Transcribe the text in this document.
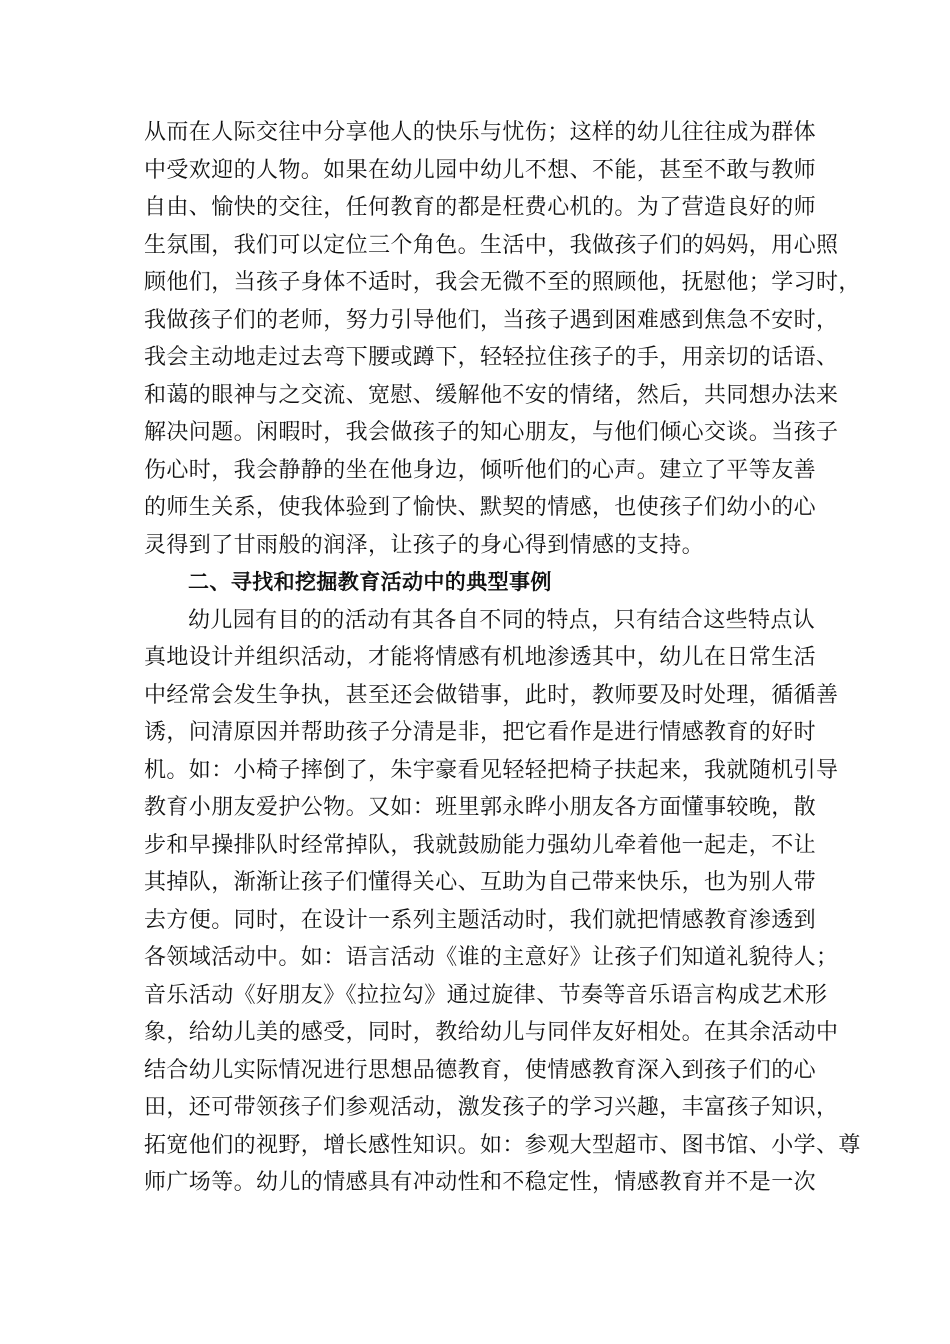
从而在人际交往中分享他人的快乐与忧伤；这样的幼儿往往成为群体
中受欢迎的人物。如果在幼儿园中幼儿不想、不能，甚至不敢与教师
自由、愉快的交往，任何教育的都是枉费心机的。为了营造良好的师
生氛围，我们可以定位三个角色。生活中，我做孩子们的妈妈，用心照
顾他们，当孩子身体不适时，我会无微不至的照顾他，抚慰他；学习时，
我做孩子们的老师，努力引导他们，当孩子遇到困难感到焦急不安时，
我会主动地走过去弯下腰或蹲下，轻轻拉住孩子的手，用亲切的话语、
和蔼的眼神与之交流、宽慰、缓解他不安的情绪，然后，共同想办法来
解决问题。闲暇时，我会做孩子的知心朋友，与他们倾心交谈。当孩子
伤心时，我会静静的坐在他身边，倾听他们的心声。建立了平等友善
的师生关系，使我体验到了愉快、默契的情感，也使孩子们幼小的心
灵得到了甘雨般的润泽，让孩子的身心得到情感的支持。
二、寻找和挖掘教育活动中的典型事例
幼儿园有目的的活动有其各自不同的特点，只有结合这些特点认
真地设计并组织活动，才能将情感有机地渗透其中，幼儿在日常生活
中经常会发生争执，甚至还会做错事，此时，教师要及时处理，循循善
诱，问清原因并帮助孩子分清是非，把它看作是进行情感教育的好时
机。如：小椅子摔倒了，朱宇豪看见轻轻把椅子扶起来，我就随机引导
教育小朋友爱护公物。又如：班里郭永晔小朋友各方面懂事较晚，散
步和早操排队时经常掉队，我就鼓励能力强幼儿牵着他一起走，不让
其掉队，渐渐让孩子们懂得关心、互助为自己带来快乐，也为别人带
去方便。同时，在设计一系列主题活动时，我们就把情感教育渗透到
各领域活动中。如：语言活动《谁的主意好》让孩子们知道礼貌待人；
音乐活动《好朋友》《拉拉勾》通过旋律、节奏等音乐语言构成艺术形
象，给幼儿美的感受，同时，教给幼儿与同伴友好相处。在其余活动中
结合幼儿实际情况进行思想品德教育，使情感教育深入到孩子们的心
田，还可带领孩子们参观活动，激发孩子的学习兴趣，丰富孩子知识，
拓宽他们的视野，增长感性知识。如：参观大型超市、图书馆、小学、尊
师广场等。幼儿的情感具有冲动性和不稳定性，情感教育并不是一次
